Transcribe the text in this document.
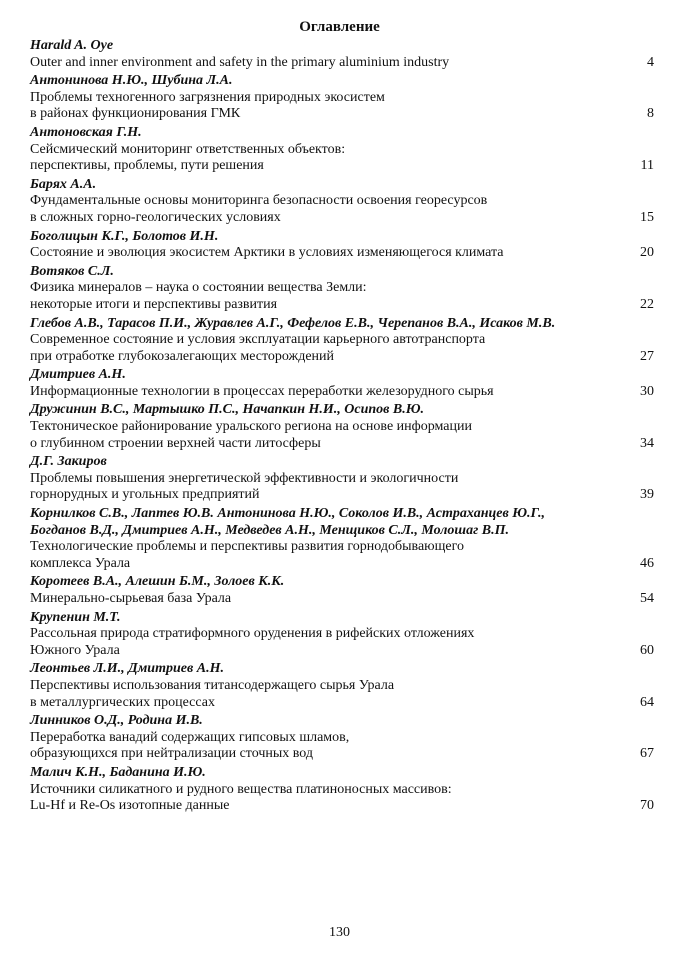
Оглавление
Harald A. Oye
Outer and inner environment and safety in the primary aluminium industry	4
Антонинова Н.Ю., Шубина Л.А.
Проблемы техногенного загрязнения природных экосистем
в районах функционирования ГМК	8
Антоновская Г.Н.
Сейсмический мониторинг ответственных объектов:
перспективы, проблемы, пути решения	11
Барях А.А.
Фундаментальные основы мониторинга безопасности освоения георесурсов
в сложных горно-геологических условиях	15
Боголицын К.Г., Болотов И.Н.
Состояние и эволюция экосистем Арктики в условиях изменяющегося климата	20
Вотяков С.Л.
Физика минералов – наука о состоянии вещества Земли:
некоторые итоги и перспективы развития	22
Глебов А.В., Тарасов П.И., Журавлев А.Г., Фефелов Е.В., Черепанов В.А., Исаков М.В.
Современное состояние и условия эксплуатации карьерного автотранспорта
при отработке глубокозалегающих месторождений	27
Дмитриев А.Н.
Информационные технологии в процессах переработки железорудного сырья	30
Дружинин В.С., Мартышко П.С., Начапкин Н.И., Осипов В.Ю.
Тектоническое районирование уральского региона на основе информации
о глубинном строении верхней части литосферы	34
Д.Г. Закиров
Проблемы повышения энергетической эффективности и экологичности
горнорудных и угольных предприятий	39
Корнилков С.В., Лаптев Ю.В. Антонинова Н.Ю., Соколов И.В., Астраханцев Ю.Г.,
Богданов В.Д., Дмитриев А.Н., Медведев А.Н., Менщиков С.Л., Молошаг В.П.
Технологические проблемы и перспективы развития горнодобывающего
комплекса Урала	46
Коротеев В.А., Алешин Б.М., Золоев К.К.
Минерально-сырьевая база Урала	54
Крупенин М.Т.
Рассольная природа стратиформного оруденения в рифейских отложениях
Южного Урала	60
Леонтьев Л.И., Дмитриев А.Н.
Перспективы использования титансодержащего сырья Урала
в металлургических процессах	64
Линников О.Д., Родина И.В.
Переработка ванадий содержащих гипсовых шламов,
образующихся при нейтрализации сточных вод	67
Малич К.Н., Баданина И.Ю.
Источники силикатного и рудного вещества платиноносных массивов:
Lu-Hf и Re-Os изотопные данные	70
130
